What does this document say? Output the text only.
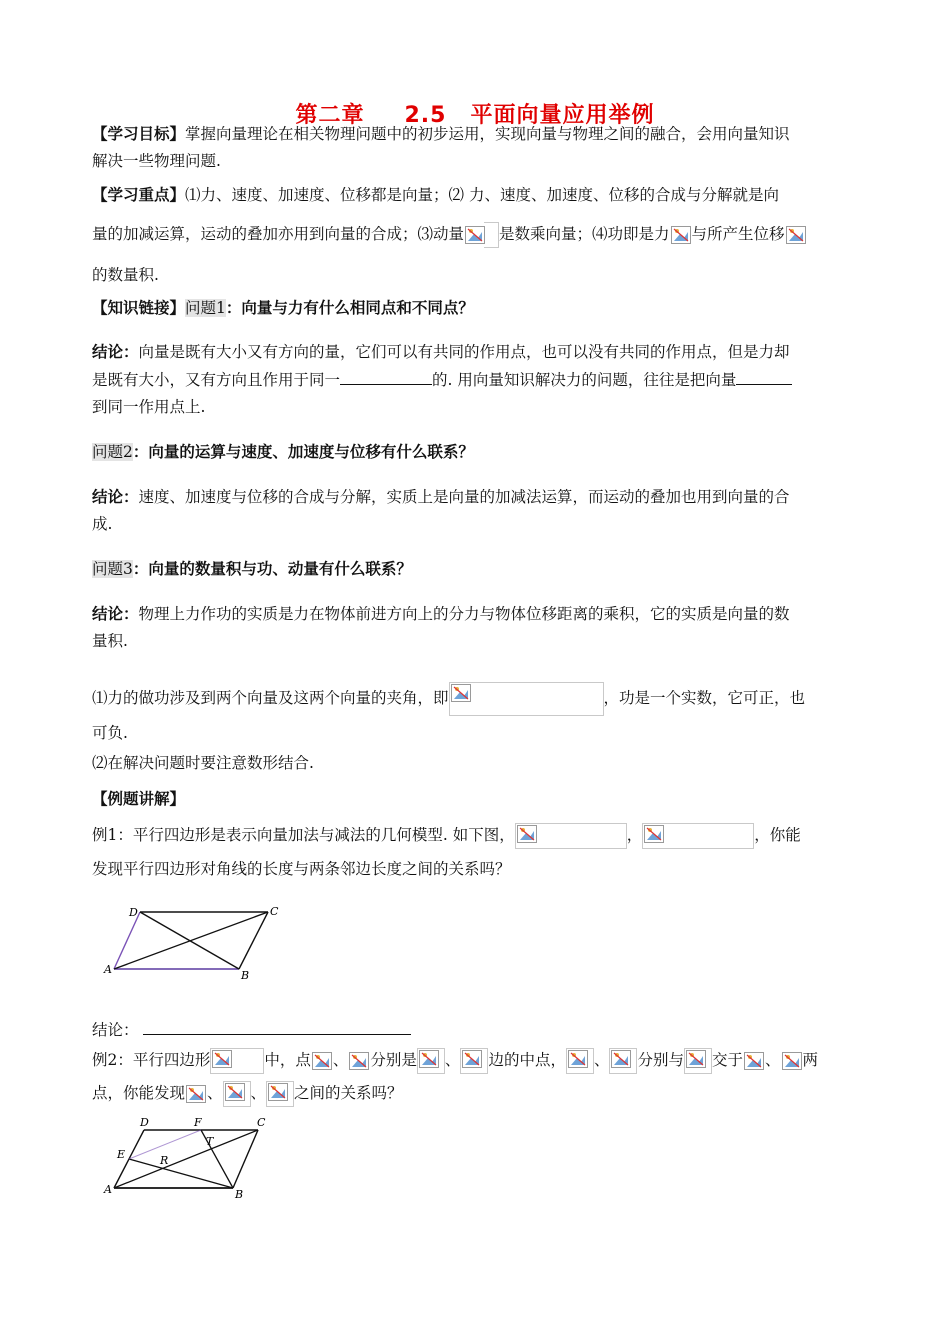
第二章 2.5 平面向量应用举例
【学习目标】掌握向量理论在相关物理问题中的初步运用，实现向量与物理之间的融合，会用向量知识
解决一些物理问题.
【学习重点】⑴力、速度、加速度、位移都是向量；⑵ 力、速度、加速度、位移的合成与分解就是向
量的加减运算，运动的叠加亦用到向量的合成；⑶动量 是数乘向量；⑷功即是力 与所产生位移
的数量积.
【知识链接】问题1：向量与力有什么相同点和不同点？
结论：向量是既有大小又有方向的量，它们可以有共同的作用点，也可以没有共同的作用点，但是力却
是既有大小，又有方向且作用于同一	的. 用向量知识解决力的问题，往往是把向量
到同一作用点上.
问题2：向量的运算与速度、加速度与位移有什么联系？
结论：速度、加速度与位移的合成与分解，实质上是向量的加减法运算，而运动的叠加也用到向量的合
成.
问题3：向量的数量积与功、动量有什么联系？
结论：物理上力作功的实质是力在物体前进方向上的分力与物体位移距离的乘积，它的实质是向量的数
量积.
⑴力的做功涉及到两个向量及这两个向量的夹角，即	，功是一个实数，它可正，也
可负.
⑵在解决问题时要注意数形结合.
【例题讲解】
例1：平行四边形是表示向量加法与减法的几何模型. 如下图，	，	，你能
发现平行四边形对角线的长度与两条邻边长度之间的关系吗？
D	C
A	B
结论：
例2：平行四边形	中，点 、 分别是 、 边的中点， 、 分别与 交于 、 两
点，你能发现 、 、 之间的关系吗？
D	F	C
E
T
R
A	B
